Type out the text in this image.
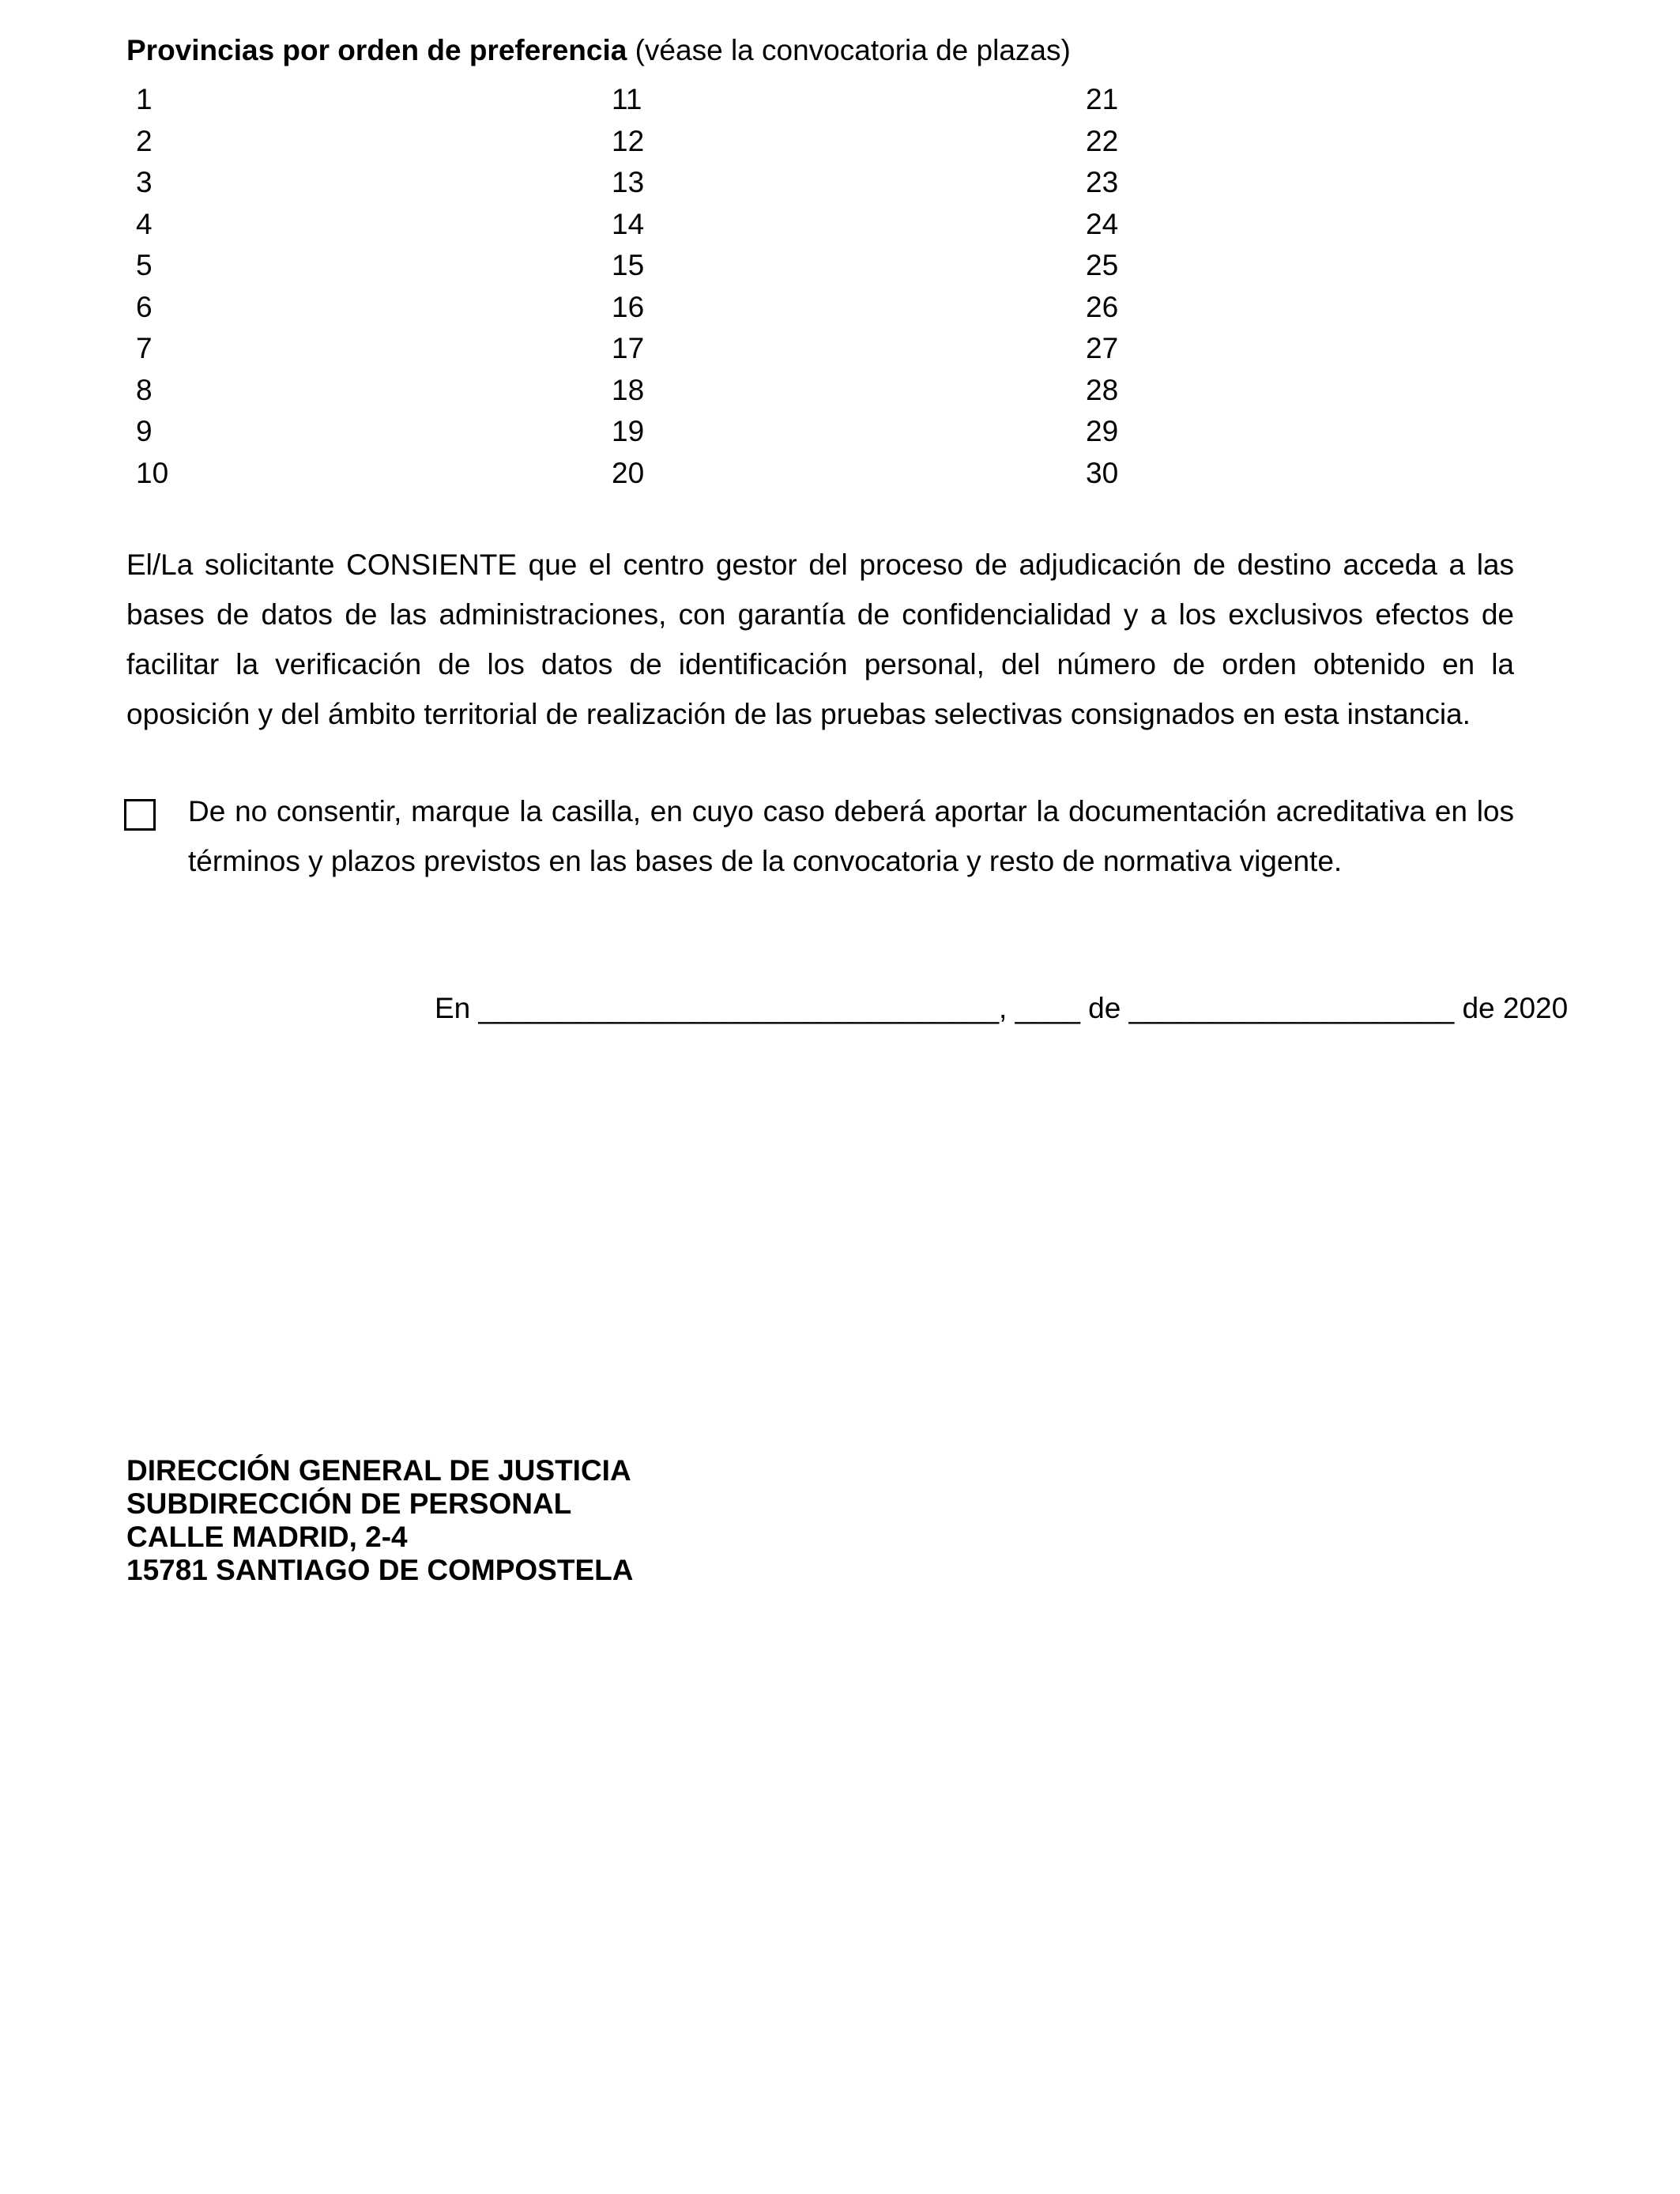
Provincias por orden de preferencia (véase la convocatoria de plazas)
1
2
3
4
5
6
7
8
9
10
11
12
13
14
15
16
17
18
19
20
21
22
23
24
25
26
27
28
29
30
El/La solicitante CONSIENTE que el centro gestor del proceso de adjudicación de destino acceda a las bases de datos de las administraciones, con garantía de confidencialidad y a los exclusivos efectos de facilitar la verificación de los datos de identificación personal, del número de orden obtenido en la oposición y del ámbito territorial de realización de las pruebas selectivas consignados en esta instancia.
De no consentir, marque la casilla, en cuyo caso deberá aportar la documentación acreditativa en los términos y plazos previstos en las bases de la convocatoria y resto de normativa vigente.
En ________________________________, ____ de ____________________ de 2020
DIRECCIÓN GENERAL DE JUSTICIA
SUBDIRECCIÓN DE PERSONAL
CALLE MADRID, 2-4
15781 SANTIAGO DE COMPOSTELA
